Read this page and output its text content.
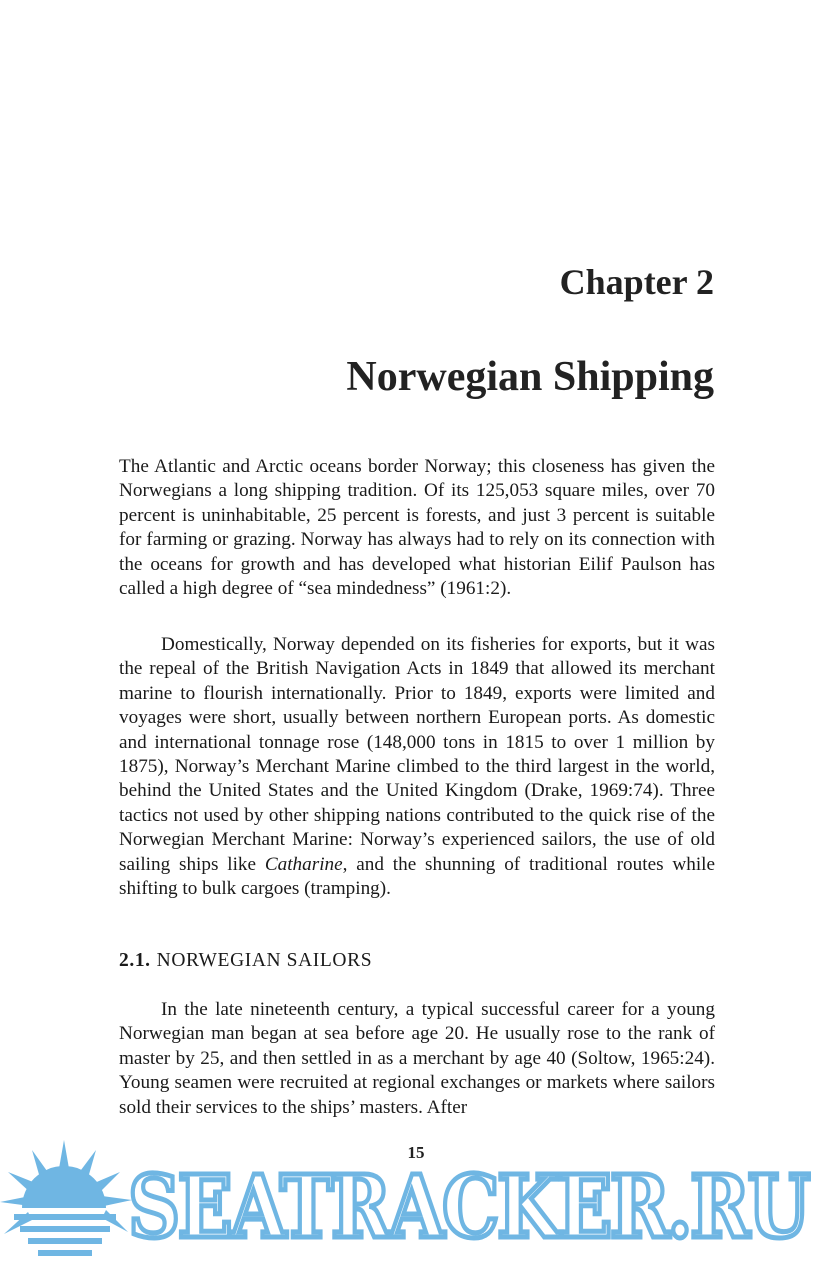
Chapter 2
Norwegian Shipping

The Atlantic and Arctic oceans border Norway; this closeness has given the Norwegians a long shipping tradition. Of its 125,053 square miles, over 70 percent is uninhabitable, 25 percent is forests, and just 3 percent is suitable for farming or grazing. Norway has always had to rely on its connection with the oceans for growth and has developed what historian Eilif Paulson has called a high degree of “sea mindedness” (1961:2).

Domestically, Norway depended on its fisheries for exports, but it was the repeal of the British Navigation Acts in 1849 that allowed its merchant marine to flourish internationally. Prior to 1849, exports were limited and voyages were short, usually between northern European ports. As domestic and international tonnage rose (148,000 tons in 1815 to over 1 million by 1875), Norway’s Merchant Marine climbed to the third largest in the world, behind the United States and the United Kingdom (Drake, 1969:74). Three tactics not used by other shipping nations contributed to the quick rise of the Norwegian Merchant Marine: Norway’s experienced sailors, the use of old sailing ships like Catharine, and the shunning of traditional routes while shifting to bulk cargoes (tramping).

2.1. NORWEGIAN SAILORS

In the late nineteenth century, a typical successful career for a young Norwegian man began at sea before age 20. He usually rose to the rank of master by 25, and then settled in as a merchant by age 40 (Soltow, 1965:24). Young seamen were recruited at regional exchanges or markets where sailors sold their services to the ships’ masters. After

15
SEATRACKER.RU
